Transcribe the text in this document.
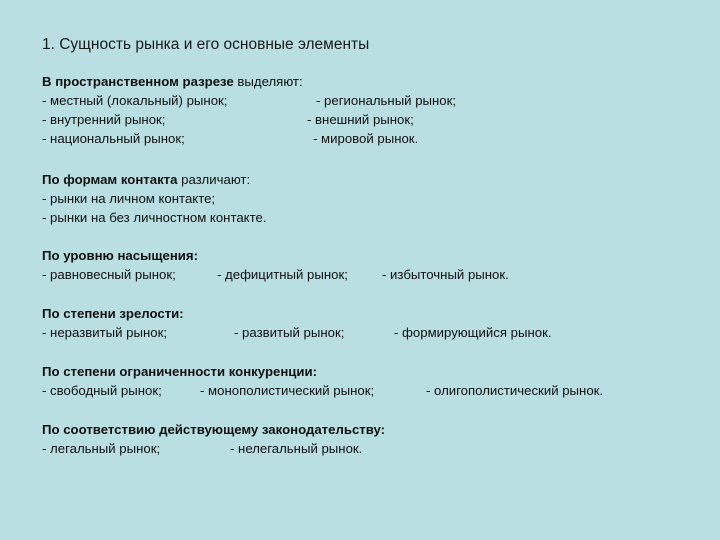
1. Сущность рынка и его основные элементы
В пространственном разрезе выделяют:
- местный (локальный) рынок;	- региональный рынок;
- внутренний рынок;	- внешний рынок;
- национальный рынок;	- мировой рынок.
По формам контакта различают:
- рынки на личном контакте;
- рынки на без личностном контакте.
По уровню насыщения:
- равновесный рынок;	- дефицитный рынок;	- избыточный рынок.
По степени зрелости:
- неразвитый рынок;	- развитый рынок;	- формирующийся рынок.
По степени ограниченности конкуренции:
- свободный рынок;	- монополистический рынок;	- олигополистический рынок.
По соответствию действующему законодательству:
- легальный рынок;	- нелегальный рынок.
